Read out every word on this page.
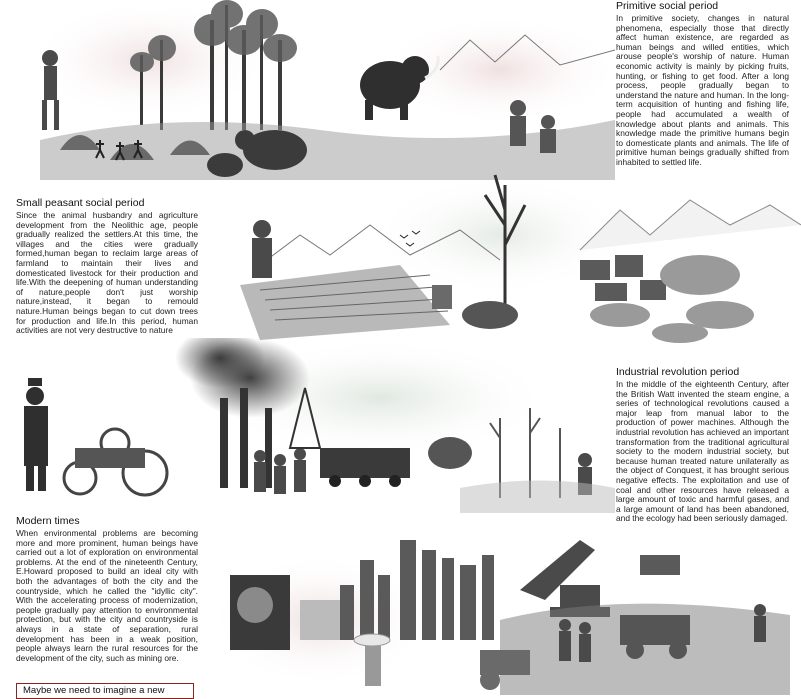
Primitive social period

In primitive society, changes in natural phenomena, especially those that directly affect human existence, are regarded as human beings and willed entities, which arouse people's worship of nature. Human economic activity is mainly by picking fruits, hunting, or fishing to get food. After a long process, people gradually began to understand the nature and human. In the long-term acquisition of hunting and fishing life, people had accumulated a wealth of knowledge about plants and animals. This knowledge made the primitive humans begin to domesticate plants and animals. The life of primitive human beings gradually shifted from inhabited to settled life.

Small peasant social period

Since the animal husbandry and agriculture development from the Neolithic age, people gradually realized the settlers.At this time, the villages and the cities were gradually formed,human began to reclaim large areas of farmland to maintain their lives and domesticated livestock for their production and life.With the deepening of human understanding of nature,people don't just worship nature,instead, it began to remould nature.Human beings began to cut down trees for production and life.In this period, human activities are not very destructive to nature

Industrial revolution period

In the middle of the eighteenth Century, after the British Watt invented the steam engine, a series of technological revolutions caused a major leap from manual labor to the production of power machines. Although the industrial revolution has achieved an important transformation from the traditional agricultural society to the modern industrial society, but because human treated nature unilaterally as the object of Conquest, it has brought serious negative effects. The exploitation and use of coal and other resources have released a large amount of toxic and harmful gases, and a large amount of land has been abandoned, and the ecology had been seriously damaged.

Modern times

When environmental problems are becoming more and more prominent, human beings have carried out a lot of exploration on environmental problems. At the end of the nineteenth Century, E.Howard proposed to build an ideal city with both the advantages of both the city and the countryside, which he called the "idyllic city". With the accelerating process of modernization, people gradually pay attention to environmental protection, but with the city and countryside is always in a state of separation, rural development has been in a weak position, people always learn the rural resources for the development of the city, such as mining ore.

Maybe we need to imagine a new
